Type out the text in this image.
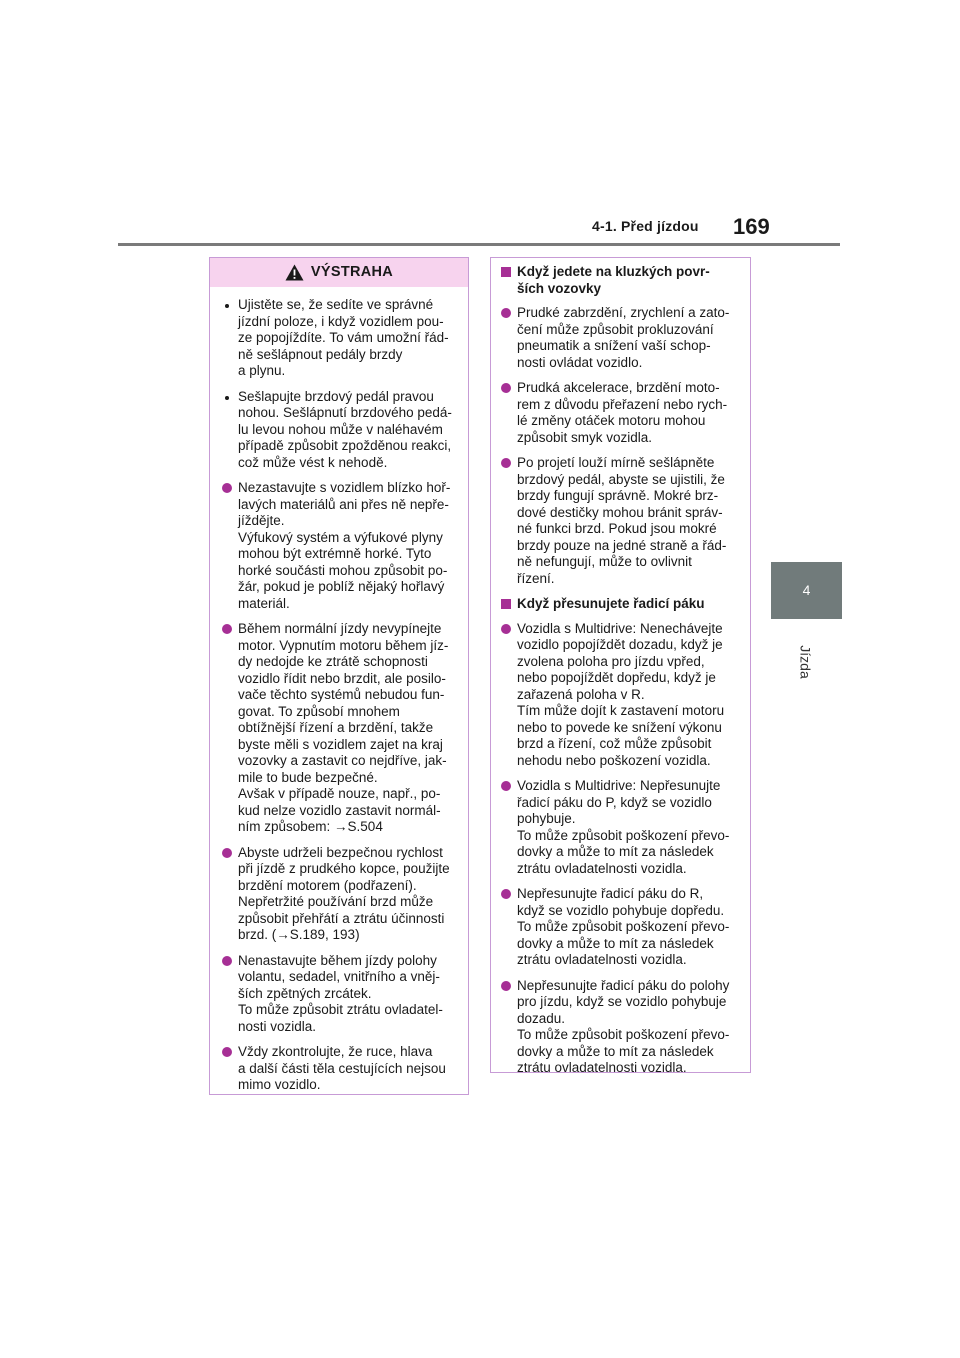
4-1. Před jízdou 169
4
Jízda
VÝSTRAHA
Ujistěte se, že sedíte ve správné
jízdní poloze, i když vozidlem pou-
ze popojíždíte. To vám umožní řád-
ně sešlápnout pedály brzdy
a plynu.
Sešlapujte brzdový pedál pravou
nohou. Sešlápnutí brzdového pedá-
lu levou nohou může v naléhavém
případě způsobit zpožděnou reakci,
což může vést k nehodě.
Nezastavujte s vozidlem blízko hoř-
lavých materiálů ani přes ně nepře-
jíždějte.
Výfukový systém a výfukové plyny
mohou být extrémně horké. Tyto
horké součásti mohou způsobit po-
žár, pokud je poblíž nějaký hořlavý
materiál.
Během normální jízdy nevypínejte
motor. Vypnutím motoru během jíz-
dy nedojde ke ztrátě schopnosti
vozidlo řídit nebo brzdit, ale posilo-
vače těchto systémů nebudou fun-
govat. To způsobí mnohem
obtížnější řízení a brzdění, takže
byste měli s vozidlem zajet na kraj
vozovky a zastavit co nejdříve, jak-
mile to bude bezpečné.
Avšak v případě nouze, např., po-
kud nelze vozidlo zastavit normál-
ním způsobem: →S.504
Abyste udrželi bezpečnou rychlost
při jízdě z prudkého kopce, použijte
brzdění motorem (podřazení).
Nepřetržité používání brzd může
způsobit přehřátí a ztrátu účinnosti
brzd. (→S.189, 193)
Nenastavujte během jízdy polohy
volantu, sedadel, vnitřního a vněj-
ších zpětných zrcátek.
To může způsobit ztrátu ovladatel-
nosti vozidla.
Vždy zkontrolujte, že ruce, hlava
a další části těla cestujících nejsou
mimo vozidlo.
Když jedete na kluzkých povr-
ších vozovky
Prudké zabrzdění, zrychlení a zato-
čení může způsobit prokluzování
pneumatik a snížení vaší schop-
nosti ovládat vozidlo.
Prudká akcelerace, brzdění moto-
rem z důvodu přeřazení nebo rych-
lé změny otáček motoru mohou
způsobit smyk vozidla.
Po projetí louží mírně sešlápněte
brzdový pedál, abyste se ujistili, že
brzdy fungují správně. Mokré brz-
dové destičky mohou bránit správ-
né funkci brzd. Pokud jsou mokré
brzdy pouze na jedné straně a řád-
ně nefungují, může to ovlivnit
řízení.
Když přesunujete řadicí páku
Vozidla s Multidrive: Nenechávejte
vozidlo popojíždět dozadu, když je
zvolena poloha pro jízdu vpřed,
nebo popojíždět dopředu, když je
zařazená poloha v R.
Tím může dojít k zastavení motoru
nebo to povede ke snížení výkonu
brzd a řízení, což může způsobit
nehodu nebo poškození vozidla.
Vozidla s Multidrive: Nepřesunujte
řadicí páku do P, když se vozidlo
pohybuje.
To může způsobit poškození převo-
dovky a může to mít za následek
ztrátu ovladatelnosti vozidla.
Nepřesunujte řadicí páku do R,
když se vozidlo pohybuje dopředu.
To může způsobit poškození převo-
dovky a může to mít za následek
ztrátu ovladatelnosti vozidla.
Nepřesunujte řadicí páku do polohy
pro jízdu, když se vozidlo pohybuje
dozadu.
To může způsobit poškození převo-
dovky a může to mít za následek
ztrátu ovladatelnosti vozidla.
